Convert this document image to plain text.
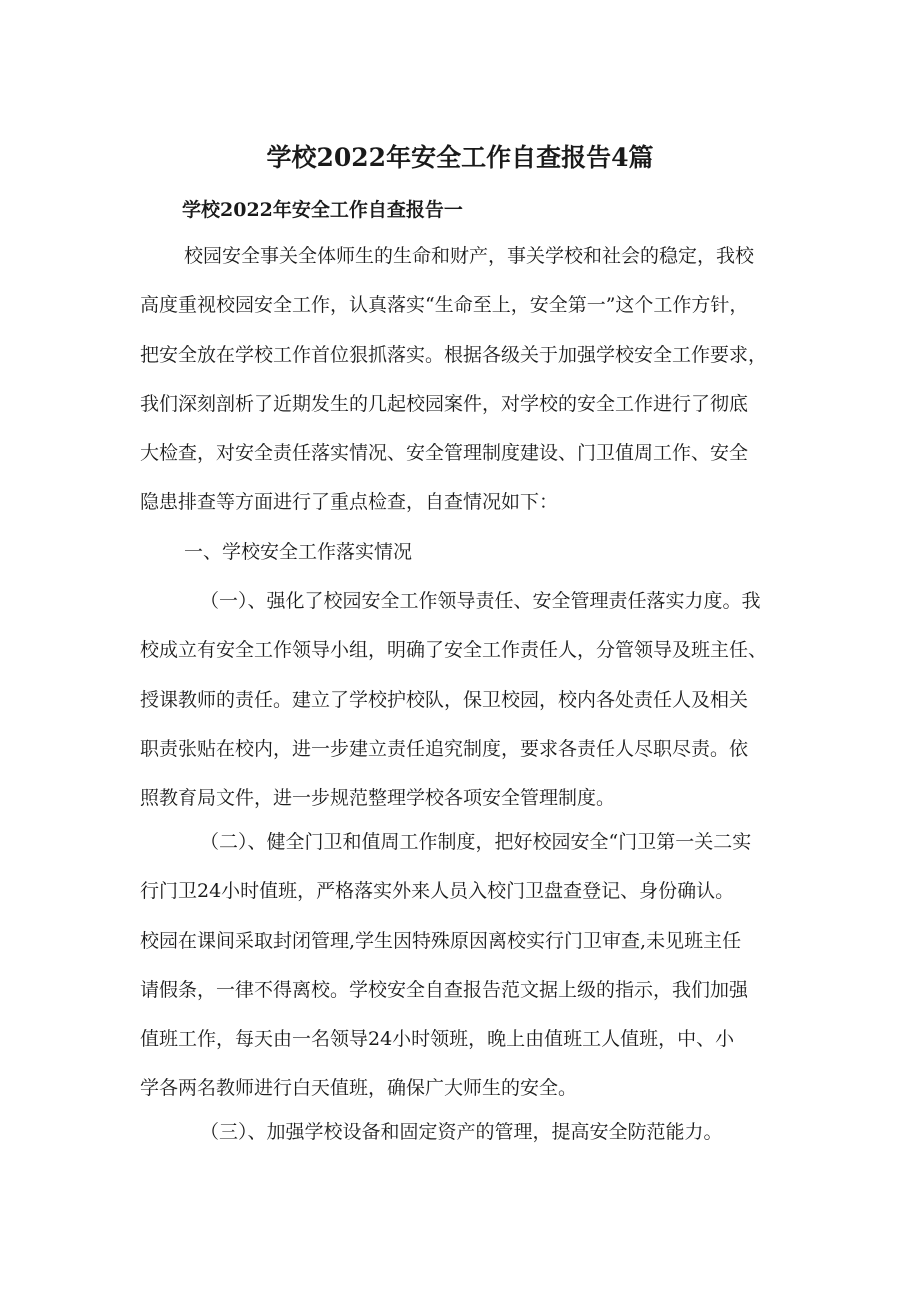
学校2022年安全工作自查报告4篇
学校2022年安全工作自查报告一
校园安全事关全体师生的生命和财产，事关学校和社会的稳定，我校
高度重视校园安全工作，认真落实“生命至上，安全第一”这个工作方针，
把安全放在学校工作首位狠抓落实。根据各级关于加强学校安全工作要求，
我们深刻剖析了近期发生的几起校园案件，对学校的安全工作进行了彻底
大检查，对安全责任落实情况、安全管理制度建设、门卫值周工作、安全
隐患排查等方面进行了重点检查，自查情况如下：
一、学校安全工作落实情况
（一）、强化了校园安全工作领导责任、安全管理责任落实力度。我
校成立有安全工作领导小组，明确了安全工作责任人，分管领导及班主任、
授课教师的责任。建立了学校护校队，保卫校园，校内各处责任人及相关
职责张贴在校内，进一步建立责任追究制度，要求各责任人尽职尽责。依
照教育局文件，进一步规范整理学校各项安全管理制度。
（二）、健全门卫和值周工作制度，把好校园安全“门卫第一关二实
行门卫24小时值班，严格落实外来人员入校门卫盘查登记、身份确认。
校园在课间采取封闭管理,学生因特殊原因离校实行门卫审查,未见班主任
请假条，一律不得离校。学校安全自查报告范文据上级的指示，我们加强
值班工作，每天由一名领导24小时领班，晚上由值班工人值班，中、小
学各两名教师进行白天值班，确保广大师生的安全。
（三）、加强学校设备和固定资产的管理，提高安全防范能力。
